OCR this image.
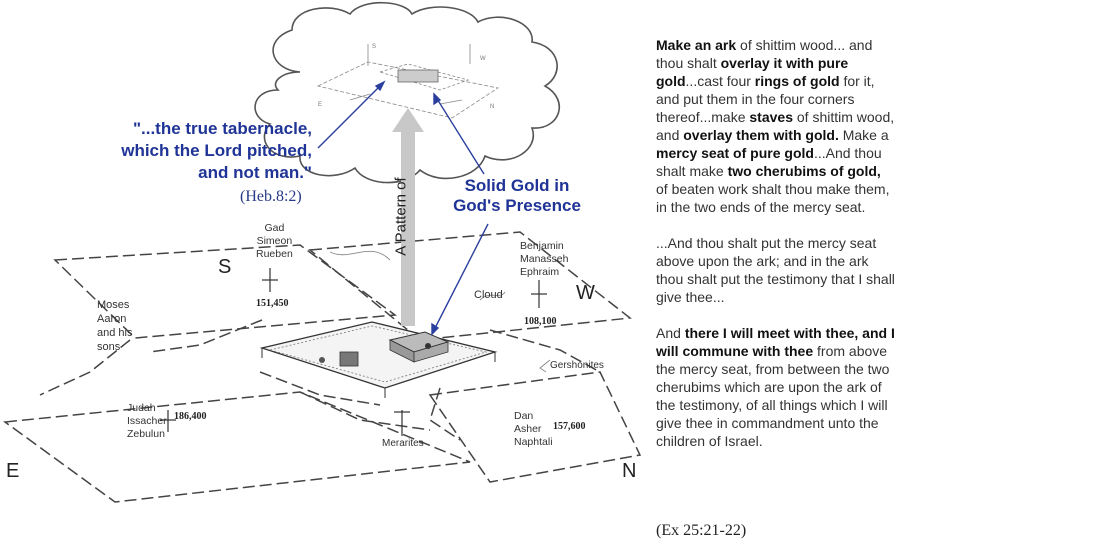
S
W
E	N
"...the true tabernacle,
which the Lord pitched,
and not man."
(Heb.8:2)
Solid Gold in
God's Presence
A Pattern of
S
W
E	N
Gad
Simeon
Rueben
151,450
Benjamin
Manasseh
Ephraim
108,100
Judah
Issacher
Zebulun
186,400	Dan
Asher
Naphtali
157,600
Moses
Aaron
and his
sons
Cloud
Gershonites
Merarites

Make an ark of shittim wood... and thou shalt overlay it with pure gold...cast four rings of gold for it, and put them in the four corners thereof...make staves of shittim wood, and overlay them with gold. Make a mercy seat of pure gold...And thou shalt make two cherubims of gold, of beaten work shalt thou make them, in the two ends of the mercy seat.

...And thou shalt put the mercy seat above upon the ark; and in the ark thou shalt put the testimony that I shall give thee...

And there I will meet with thee, and I will commune with thee from above the mercy seat, from between the two cherubims which are upon the ark of the testimony, of all things which I will give thee in commandment unto the children of Israel.

(Ex 25:21-22)
